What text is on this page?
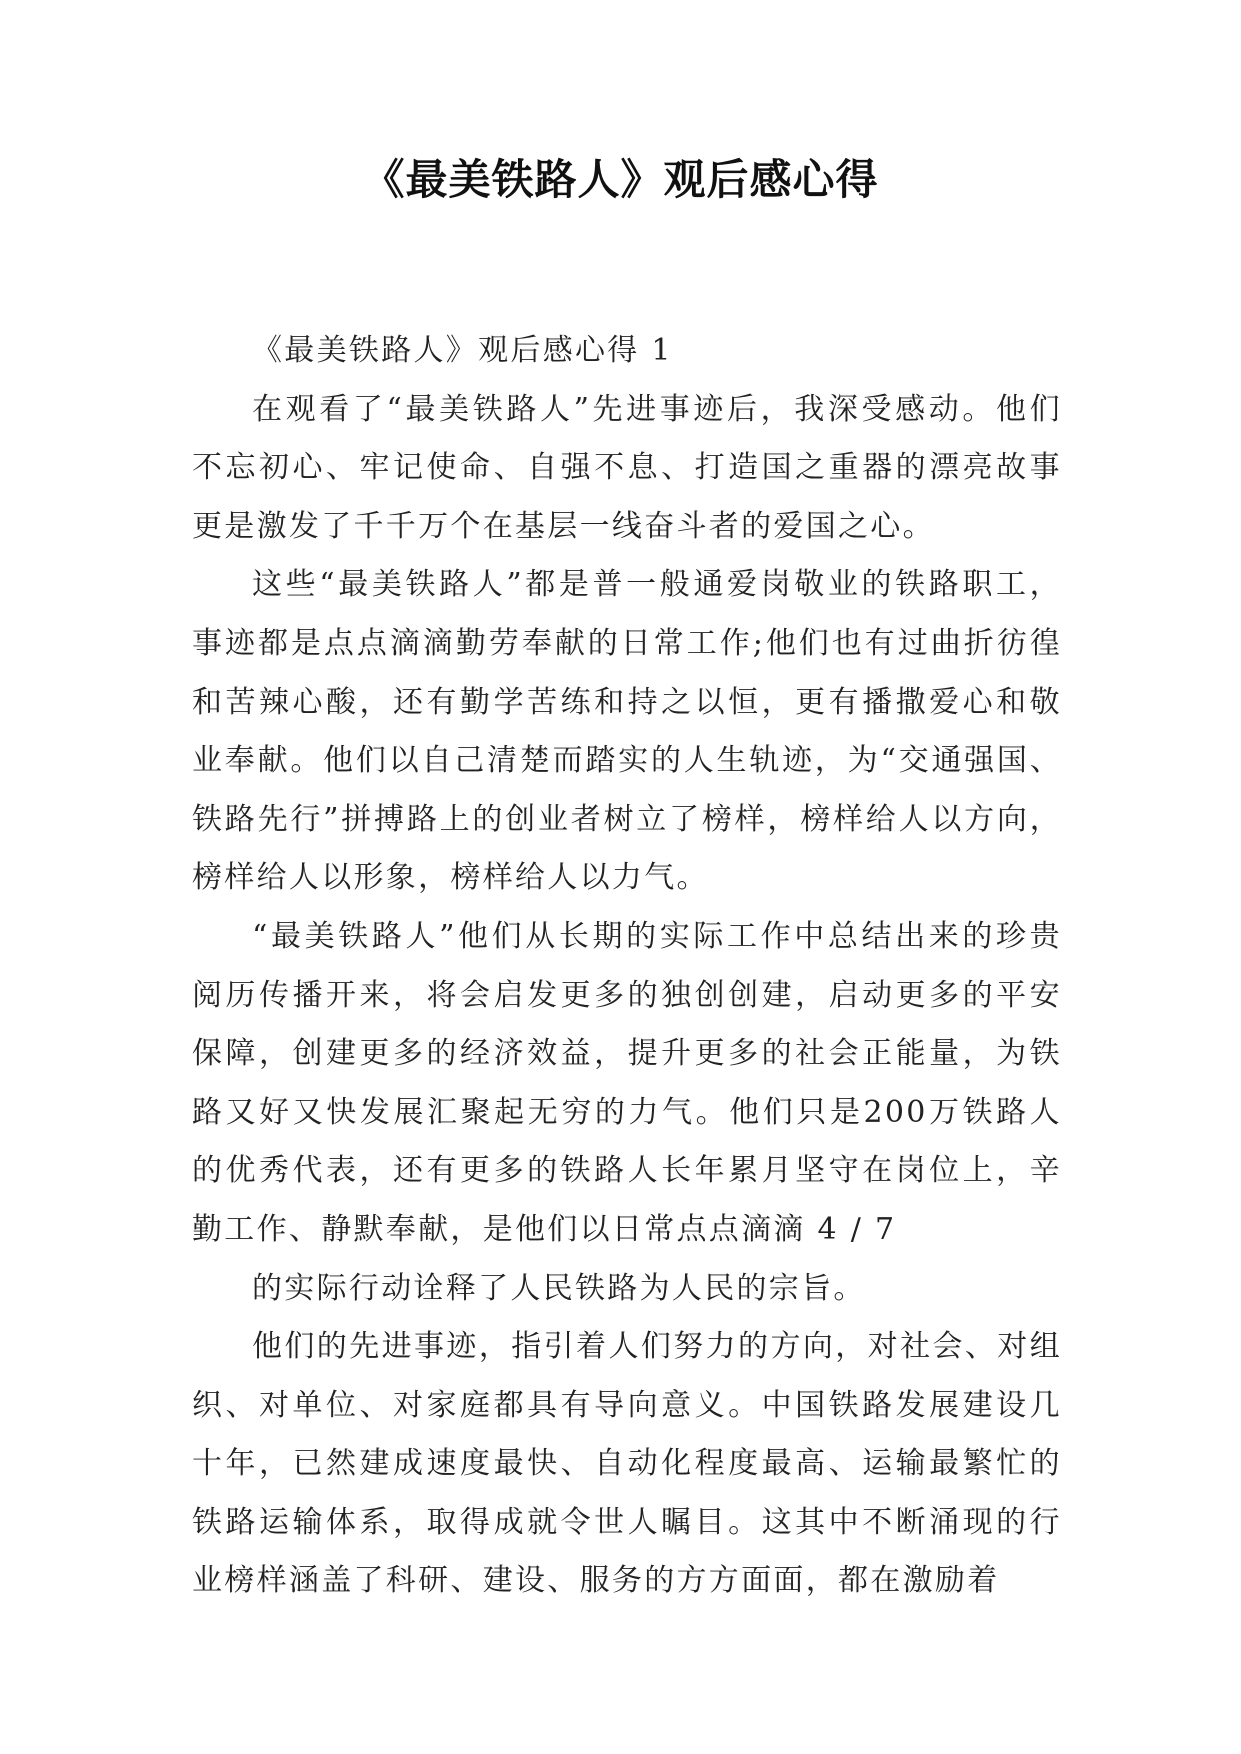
《最美铁路人》观后感心得

《最美铁路人》观后感心得 1

在观看了“最美铁路人”先进事迹后，我深受感动。他们不忘初心、牢记使命、自强不息、打造国之重器的漂亮故事更是激发了千千万个在基层一线奋斗者的爱国之心。

这些“最美铁路人”都是普一般通爱岗敬业的铁路职工，事迹都是点点滴滴勤劳奉献的日常工作;他们也有过曲折彷徨和苦辣心酸，还有勤学苦练和持之以恒，更有播撒爱心和敬业奉献。他们以自己清楚而踏实的人生轨迹，为“交通强国、铁路先行”拼搏路上的创业者树立了榜样，榜样给人以方向，榜样给人以形象，榜样给人以力气。

“最美铁路人”他们从长期的实际工作中总结出来的珍贵阅历传播开来，将会启发更多的独创创建，启动更多的平安保障，创建更多的经济效益，提升更多的社会正能量，为铁路又好又快发展汇聚起无穷的力气。他们只是200万铁路人的优秀代表，还有更多的铁路人长年累月坚守在岗位上，辛勤工作、静默奉献，是他们以日常点点滴滴 4 / 7

的实际行动诠释了人民铁路为人民的宗旨。

他们的先进事迹，指引着人们努力的方向，对社会、对组织、对单位、对家庭都具有导向意义。中国铁路发展建设几十年，已然建成速度最快、自动化程度最高、运输最繁忙的铁路运输体系，取得成就令世人瞩目。这其中不断涌现的行业榜样涵盖了科研、建设、服务的方方面面，都在激励着
